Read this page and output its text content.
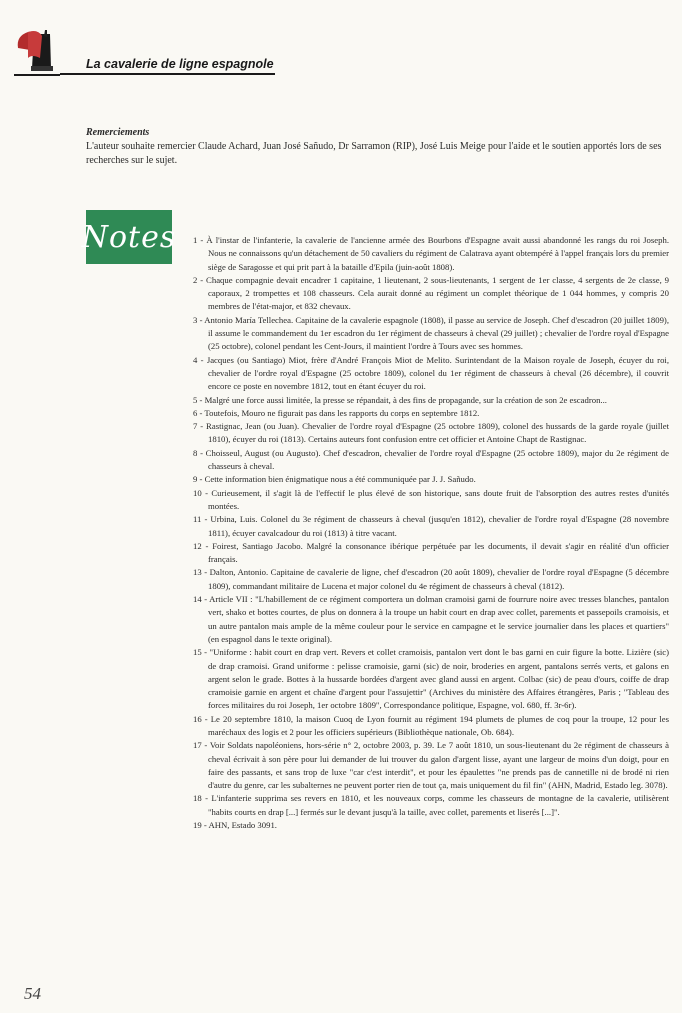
La cavalerie de ligne espagnole
Remerciements
L'auteur souhaite remercier Claude Achard, Juan José Sañudo, Dr Sarramon (RIP), José Luis Meige pour l'aide et le soutien apportés lors de ses recherches sur le sujet.
Notes 1 - À l'instar de l'infanterie, la cavalerie de l'ancienne armée des Bourbons d'Espagne avait aussi abandonné les rangs du roi Joseph. Nous ne connaissons qu'un détachement de 50 cavaliers du régiment de Calatrava ayant obtempéré à l'appel français lors du premier siège de Saragosse et qui prit part à la bataille d'Epila (juin-août 1808).
2 - Chaque compagnie devait encadrer 1 capitaine, 1 lieutenant, 2 sous-lieutenants, 1 sergent de 1er classe, 4 sergents de 2e classe, 9 caporaux, 2 trompettes et 108 chasseurs. Cela aurait donné au régiment un complet théorique de 1 044 hommes, y compris 20 membres de l'état-major, et 832 chevaux.
3 - Antonio María Tellechea. Capitaine de la cavalerie espagnole (1808), il passe au service de Joseph. Chef d'escadron (20 juillet 1809), il assume le commandement du 1er escadron du 1er régiment de chasseurs à cheval (29 juillet) ; chevalier de l'ordre royal d'Espagne (25 octobre), colonel pendant les Cent-Jours, il maintient l'ordre à Tours avec ses hommes.
4 - Jacques (ou Santiago) Miot, frère d'André François Miot de Melito. Surintendant de la Maison royale de Joseph, écuyer du roi, chevalier de l'ordre royal d'Espagne (25 octobre 1809), colonel du 1er régiment de chasseurs à cheval (26 décembre), il couvrit encore ce poste en novembre 1812, tout en étant écuyer du roi.
5 - Malgré une force aussi limitée, la presse se répandait, à des fins de propagande, sur la création de son 2e escadron...
6 - Toutefois, Mouro ne figurait pas dans les rapports du corps en septembre 1812.
7 - Rastignac, Jean (ou Juan). Chevalier de l'ordre royal d'Espagne (25 octobre 1809), colonel des hussards de la garde royale (juillet 1810), écuyer du roi (1813). Certains auteurs font confusion entre cet officier et Antoine Chapt de Rastignac.
8 - Choisseul, August (ou Augusto). Chef d'escadron, chevalier de l'ordre royal d'Espagne (25 octobre 1809), major du 2e régiment de chasseurs à cheval.
9 - Cette information bien énigmatique nous a été communiquée par J. J. Sañudo.
10 - Curieusement, il s'agit là de l'effectif le plus élevé de son historique, sans doute fruit de l'absorption des autres restes d'unités montées.
11 - Urbina, Luis. Colonel du 3e régiment de chasseurs à cheval (jusqu'en 1812), chevalier de l'ordre royal d'Espagne (28 novembre 1811), écuyer cavalcadour du roi (1813) à titre vacant.
12 - Foirest, Santiago Jacobo. Malgré la consonance ibérique perpétuée par les documents, il devait s'agir en réalité d'un officier français.
13 - Dalton, Antonio. Capitaine de cavalerie de ligne, chef d'escadron (20 août 1809), chevalier de l'ordre royal d'Espagne (5 décembre 1809), commandant militaire de Lucena et major colonel du 4e régiment de chasseurs à cheval (1812).
14 - Article VII : "L'habillement de ce régiment comportera un dolman cramoisi garni de fourrure noire avec tresses blanches, pantalon vert, shako et bottes courtes, de plus on donnera à la troupe un habit court en drap avec collet, parements et passepoils cramoisis, et un autre pantalon mais ample de la même couleur pour le service en campagne et le service journalier dans les places et quartiers" (en espagnol dans le texte original).
15 - "Uniforme : habit court en drap vert. Revers et collet cramoisis, pantalon vert dont le bas garni en cuir figure la botte. Lizière (sic) de drap cramoisi. Grand uniforme : pelisse cramoisie, garni (sic) de noir, broderies en argent, pantalons serrés verts, et galons en argent selon le grade. Bottes à la hussarde bordées d'argent avec gland aussi en argent. Colbac (sic) de peau d'ours, coiffe de drap cramoisie garnie en argent et chaîne d'argent pour l'assujettir" (Archives du ministère des Affaires étrangères, Paris ; "Tableau des forces militaires du roi Joseph, 1er octobre 1809", Correspondance politique, Espagne, vol. 680, ff. 3r-6r).
16 - Le 20 septembre 1810, la maison Cuoq de Lyon fournit au régiment 194 plumets de plumes de coq pour la troupe, 12 pour les maréchaux des logis et 2 pour les officiers supérieurs (Bibliothèque nationale, Ob. 684).
17 - Voir Soldats napoléoniens, hors-série n° 2, octobre 2003, p. 39. Le 7 août 1810, un sous-lieutenant du 2e régiment de chasseurs à cheval écrivait à son père pour lui demander de lui trouver du galon d'argent lisse, ayant une largeur de moins d'un doigt, pour en faire des passants, et sans trop de luxe "car c'est interdit", et pour les épaulettes "ne prends pas de cannetille ni de brodé ni rien d'autre du genre, car les subalternes ne peuvent porter rien de tout ça, mais uniquement du fil fin" (AHN, Madrid, Estado leg. 3078).
18 - L'infanterie supprima ses revers en 1810, et les nouveaux corps, comme les chasseurs de montagne de la cavalerie, utilisèrent "habits courts en drap [...] fermés sur le devant jusqu'à la taille, avec collet, parements et liserés [...]".
19 - AHN, Estado 3091.
54
